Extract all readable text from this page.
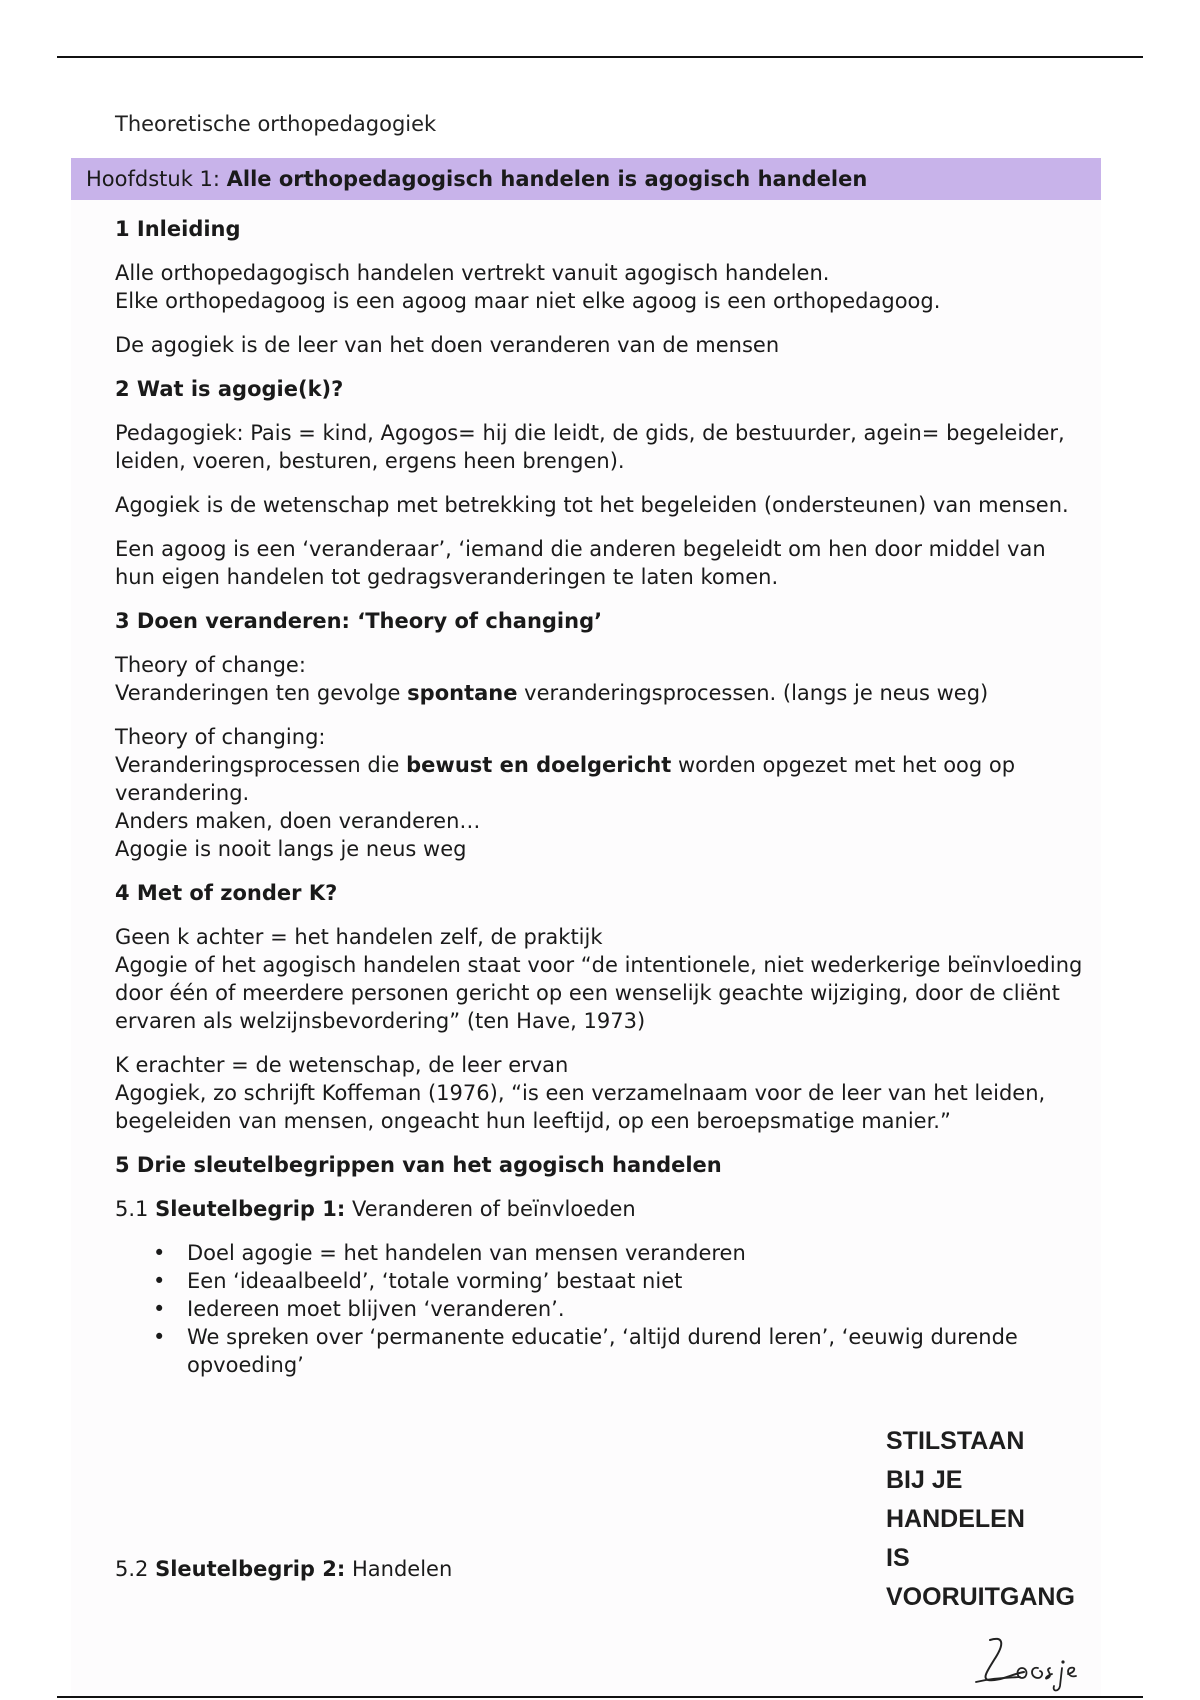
Theoretische orthopedagogiek
Hoofdstuk 1: Alle orthopedagogisch handelen is agogisch handelen
1 Inleiding

Alle orthopedagogisch handelen vertrekt vanuit agogisch handelen.
Elke orthopedagoog is een agoog maar niet elke agoog is een orthopedagoog.

De agogiek is de leer van het doen veranderen van de mensen

2 Wat is agogie(k)?

Pedagogiek: Pais = kind, Agogos= hij die leidt, de gids, de bestuurder, agein= begeleider, leiden, voeren, besturen, ergens heen brengen).

Agogiek is de wetenschap met betrekking tot het begeleiden (ondersteunen) van mensen.

Een agoog is een ‘veranderaar’, ‘iemand die anderen begeleidt om hen door middel van hun eigen handelen tot gedragsveranderingen te laten komen.

3 Doen veranderen: ‘Theory of changing’

Theory of change:
Veranderingen ten gevolge spontane veranderingsprocessen. (langs je neus weg)

Theory of changing:
Veranderingsprocessen die bewust en doelgericht worden opgezet met het oog op verandering.
Anders maken, doen veranderen…
Agogie is nooit langs je neus weg

4 Met of zonder K?

Geen k achter = het handelen zelf, de praktijk
Agogie of het agogisch handelen staat voor “de intentionele, niet wederkerige beïnvloeding door één of meerdere personen gericht op een wenselijk geachte wijziging, door de cliënt ervaren als welzijnsbevordering” (ten Have, 1973)

K erachter = de wetenschap, de leer ervan
Agogiek, zo schrijft Koffeman (1976), “is een verzamelnaam voor de leer van het leiden, begeleiden van mensen, ongeacht hun leeftijd, op een beroepsmatige manier.”

5 Drie sleutelbegrippen van het agogisch handelen
5.1 Sleutelbegrip 1: Veranderen of beïnvloeden
• Doel agogie = het handelen van mensen veranderen
• Een ‘ideaalbeeld’, ‘totale vorming’ bestaat niet
• Iedereen moet blijven ‘veranderen’.
• We spreken over ‘permanente educatie’, ‘altijd durend leren’, ‘eeuwig durende opvoeding’
5.2 Sleutelbegrip 2: Handelen
STILSTAAN
BIJ JE
HANDELEN
IS
VOORUITGANG
